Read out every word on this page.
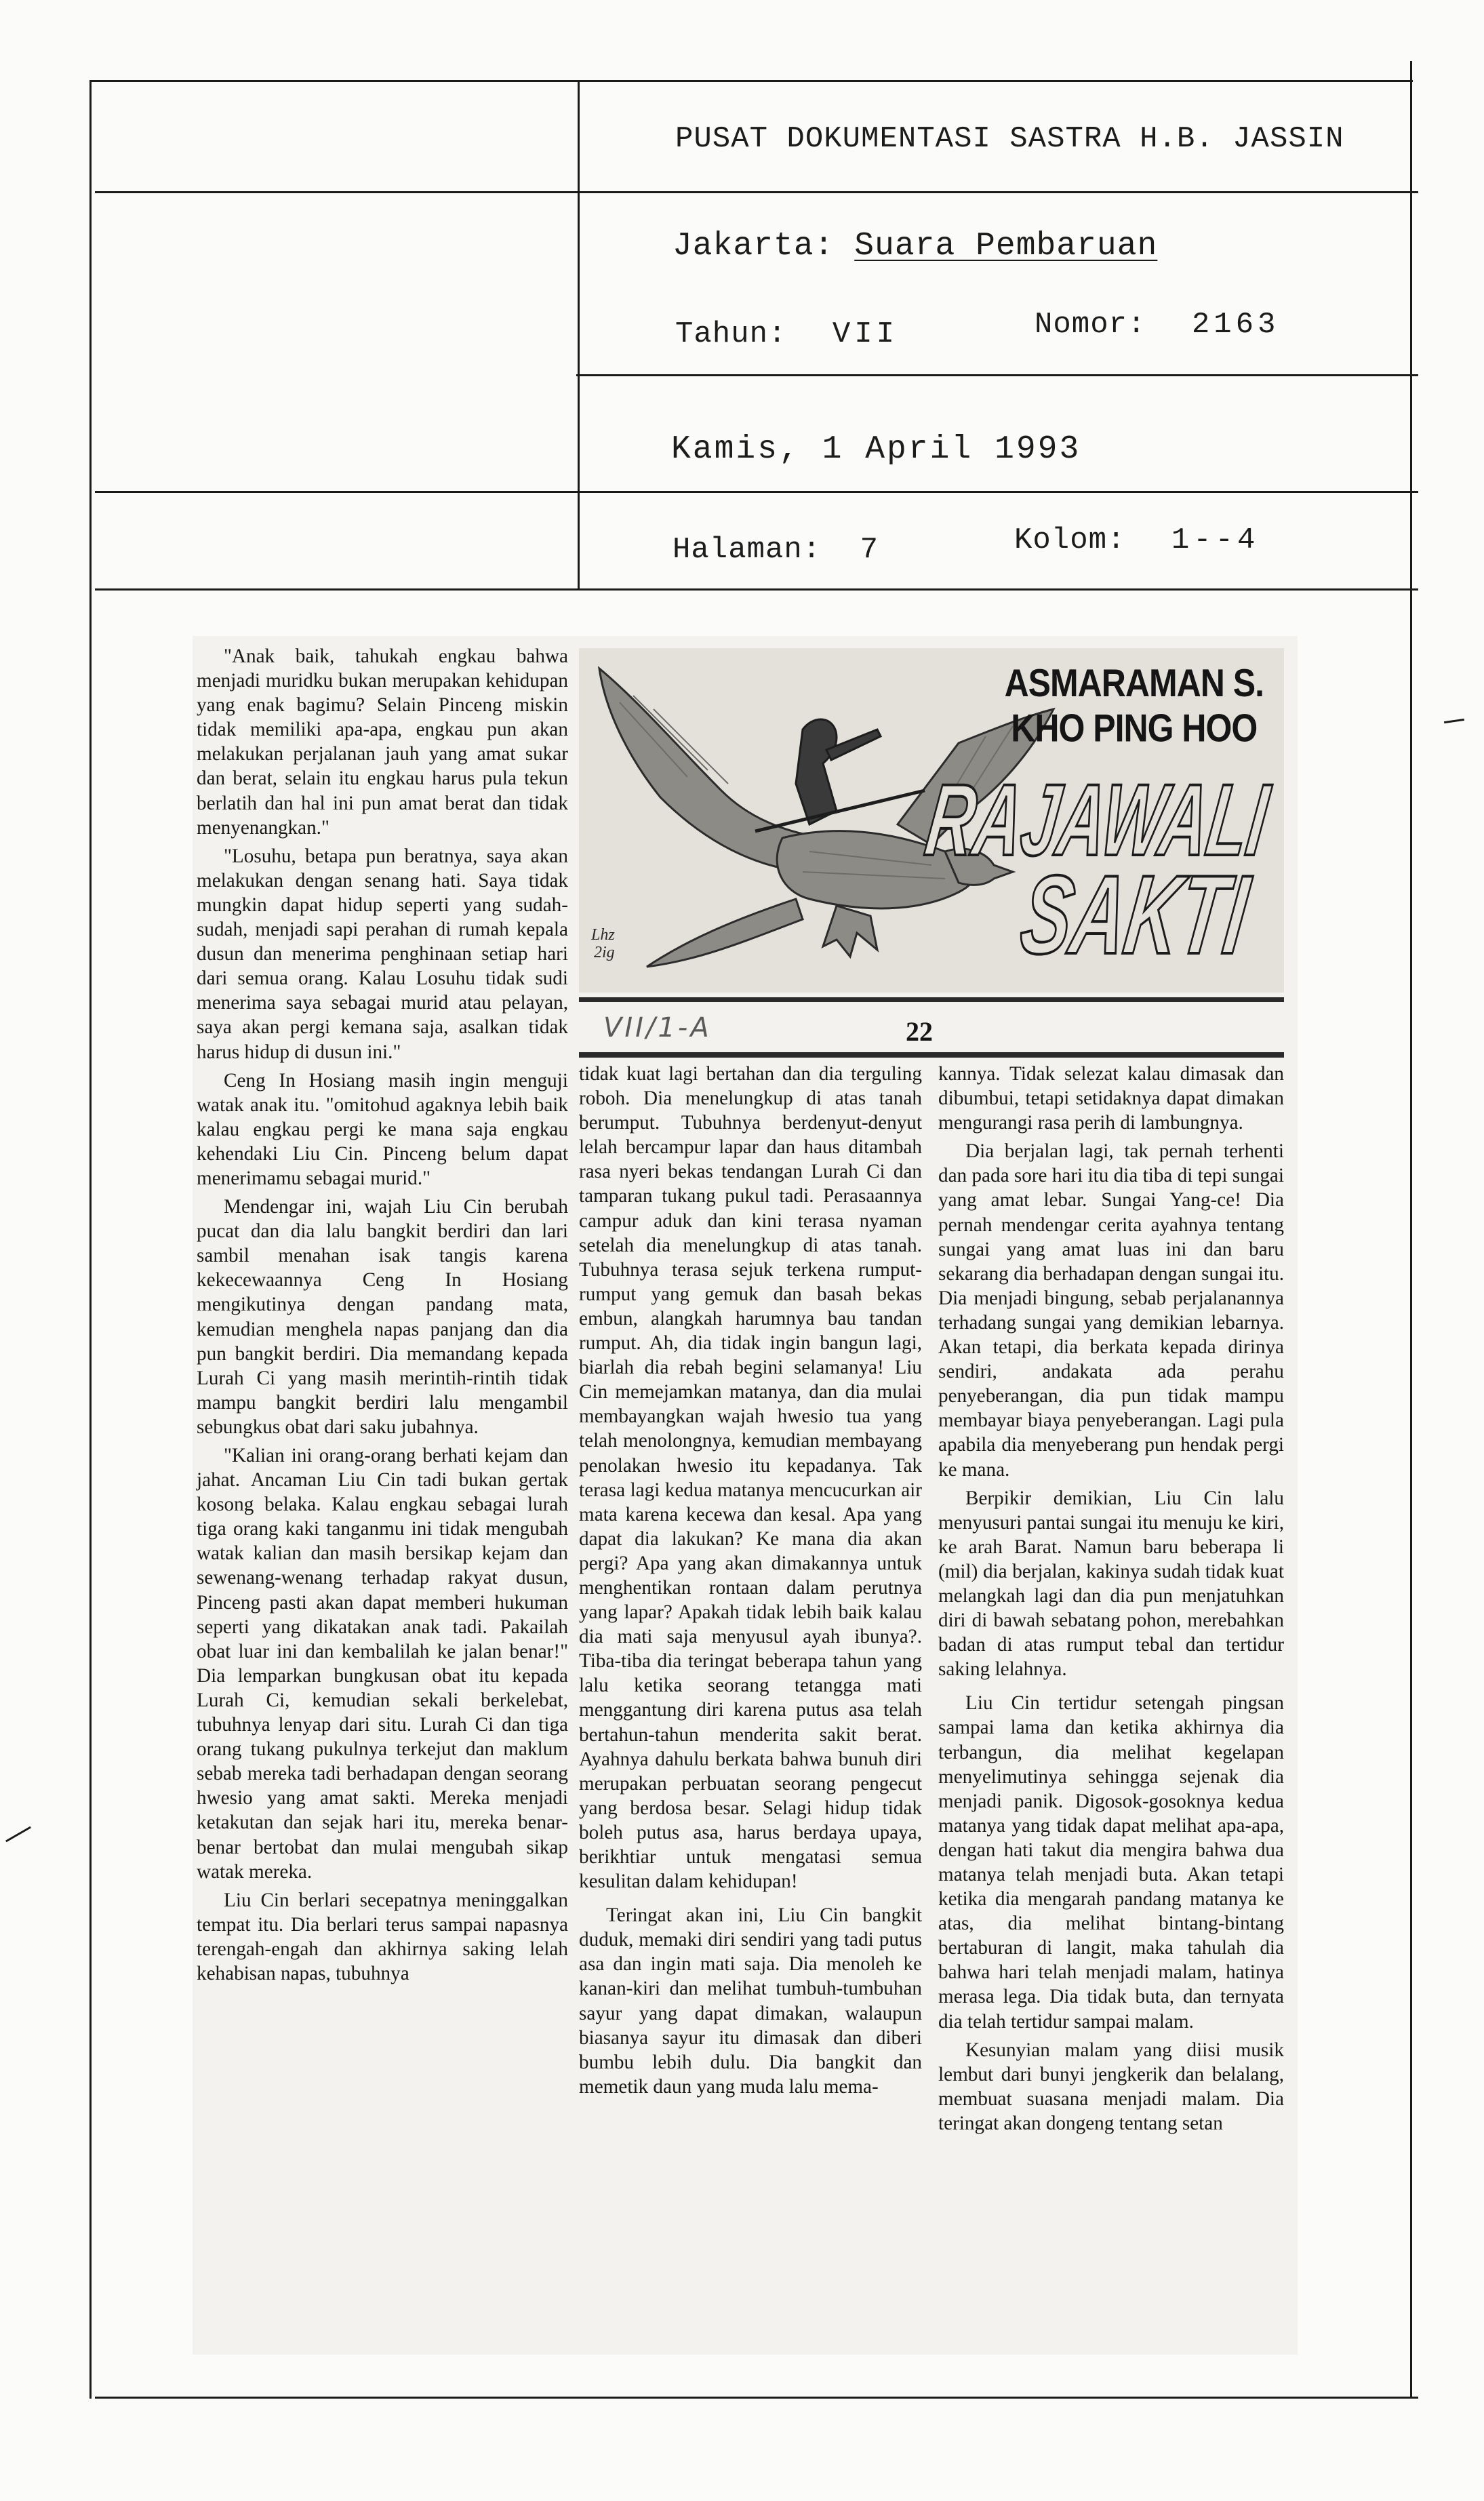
PUSAT DOKUMENTASI SASTRA H.B. JASSIN
Jakarta: Suara Pembaruan
Tahun: VII	Nomor: 2163
Kamis, 1 April 1993
Halaman: 7	Kolom: 1--4

"Anak baik, tahukah engkau bahwa menjadi muridku bukan merupakan kehidupan yang enak bagimu? Selain Pinceng miskin tidak memiliki apa-apa, engkau pun akan melakukan perjalanan jauh yang amat sukar dan berat, selain itu engkau harus pula tekun berlatih dan hal ini pun amat berat dan tidak menyenangkan."

"Losuhu, betapa pun beratnya, saya akan melakukan dengan senang hati. Saya tidak mungkin dapat hidup seperti yang sudah-sudah, menjadi sapi perahan di rumah kepala dusun dan menerima penghinaan setiap hari dari semua orang. Kalau Losuhu tidak sudi menerima saya sebagai murid atau pelayan, saya akan pergi kemana saja, asalkan tidak harus hidup di dusun ini."

Ceng In Hosiang masih ingin menguji watak anak itu. "omitohud agaknya lebih baik kalau engkau pergi ke mana saja engkau kehendaki Liu Cin. Pinceng belum dapat menerimamu sebagai murid."

Mendengar ini, wajah Liu Cin berubah pucat dan dia lalu bangkit berdiri dan lari sambil menahan isak tangis karena kekecewaannya Ceng In Hosiang mengikutinya dengan pandang mata, kemudian menghela napas panjang dan dia pun bangkit berdiri. Dia memandang kepada Lurah Ci yang masih merintih-rintih tidak mampu bangkit berdiri lalu mengambil sebungkus obat dari saku jubahnya.

"Kalian ini orang-orang berhati kejam dan jahat. Ancaman Liu Cin tadi bukan gertak kosong belaka. Kalau engkau sebagai lurah tiga orang kaki tanganmu ini tidak mengubah watak kalian dan masih bersikap kejam dan sewenang-wenang terhadap rakyat dusun, Pinceng pasti akan dapat memberi hukuman seperti yang dikatakan anak tadi. Pakailah obat luar ini dan kembalilah ke jalan benar!" Dia lemparkan bungkusan obat itu kepada Lurah Ci, kemudian sekali berkelebat, tubuhnya lenyap dari situ. Lurah Ci dan tiga orang tukang pukulnya terkejut dan maklum sebab mereka tadi berhadapan dengan seorang hwesio yang amat sakti. Mereka menjadi ketakutan dan sejak hari itu, mereka benar-benar bertobat dan mulai mengubah sikap watak mereka.

Liu Cin berlari secepatnya meninggalkan tempat itu. Dia berlari terus sampai napasnya terengah-engah dan akhirnya saking lelah kehabisan napas, tubuhnya

Lhz
2ig
ASMARAMAN S.
KHO PING HOO
RAJAWALI
SAKTI
VII/1-A	22

tidak kuat lagi bertahan dan dia terguling roboh. Dia menelungkup di atas tanah berumput. Tubuhnya berdenyut-denyut lelah bercampur lapar dan haus ditambah rasa nyeri bekas tendangan Lurah Ci dan tamparan tukang pukul tadi. Perasaannya campur aduk dan kini terasa nyaman setelah dia menelungkup di atas tanah. Tubuhnya terasa sejuk terkena rumput-rumput yang gemuk dan basah bekas embun, alangkah harumnya bau tandan rumput. Ah, dia tidak ingin bangun lagi, biarlah dia rebah begini selamanya! Liu Cin memejamkan matanya, dan dia mulai membayangkan wajah hwesio tua yang telah menolongnya, kemudian membayang penolakan hwesio itu kepadanya. Tak terasa lagi kedua matanya mencucurkan air mata karena kecewa dan kesal. Apa yang dapat dia lakukan? Ke mana dia akan pergi? Apa yang akan dimakannya untuk menghentikan rontaan dalam perutnya yang lapar? Apakah tidak lebih baik kalau dia mati saja menyusul ayah ibunya?. Tiba-tiba dia teringat beberapa tahun yang lalu ketika seorang tetangga mati menggantung diri karena putus asa telah bertahun-tahun menderita sakit berat. Ayahnya dahulu berkata bahwa bunuh diri merupakan perbuatan seorang pengecut yang berdosa besar. Selagi hidup tidak boleh putus asa, harus berdaya upaya, berikhtiar untuk mengatasi semua kesulitan dalam kehidupan!

Teringat akan ini, Liu Cin bangkit duduk, memaki diri sendiri yang tadi putus asa dan ingin mati saja. Dia menoleh ke kanan-kiri dan melihat tumbuh-tumbuhan sayur yang dapat dimakan, walaupun biasanya sayur itu dimasak dan diberi bumbu lebih dulu. Dia bangkit dan memetik daun yang muda lalu mema-

kannya. Tidak selezat kalau dimasak dan dibumbui, tetapi setidaknya dapat dimakan mengurangi rasa perih di lambungnya.

Dia berjalan lagi, tak pernah terhenti dan pada sore hari itu dia tiba di tepi sungai yang amat lebar. Sungai Yang-ce! Dia pernah mendengar cerita ayahnya tentang sungai yang amat luas ini dan baru sekarang dia berhadapan dengan sungai itu. Dia menjadi bingung, sebab perjalanannya terhadang sungai yang demikian lebarnya. Akan tetapi, dia berkata kepada dirinya sendiri, andakata ada perahu penyeberangan, dia pun tidak mampu membayar biaya penyeberangan. Lagi pula apabila dia menyeberang pun hendak pergi ke mana.

Berpikir demikian, Liu Cin lalu menyusuri pantai sungai itu menuju ke kiri, ke arah Barat. Namun baru beberapa li (mil) dia berjalan, kakinya sudah tidak kuat melangkah lagi dan dia pun menjatuhkan diri di bawah sebatang pohon, merebahkan badan di atas rumput tebal dan tertidur saking lelahnya.

Liu Cin tertidur setengah pingsan sampai lama dan ketika akhirnya dia terbangun, dia melihat kegelapan menyelimutinya sehingga sejenak dia menjadi panik. Digosok-gosoknya kedua matanya yang tidak dapat melihat apa-apa, dengan hati takut dia mengira bahwa dua matanya telah menjadi buta. Akan tetapi ketika dia mengarah pandang matanya ke atas, dia melihat bintang-bintang bertaburan di langit, maka tahulah dia bahwa hari telah menjadi malam, hatinya merasa lega. Dia tidak buta, dan ternyata dia telah tertidur sampai malam.

Kesunyian malam yang diisi musik lembut dari bunyi jengkerik dan belalang, membuat suasana menjadi malam. Dia teringat akan dongeng tentang setan
